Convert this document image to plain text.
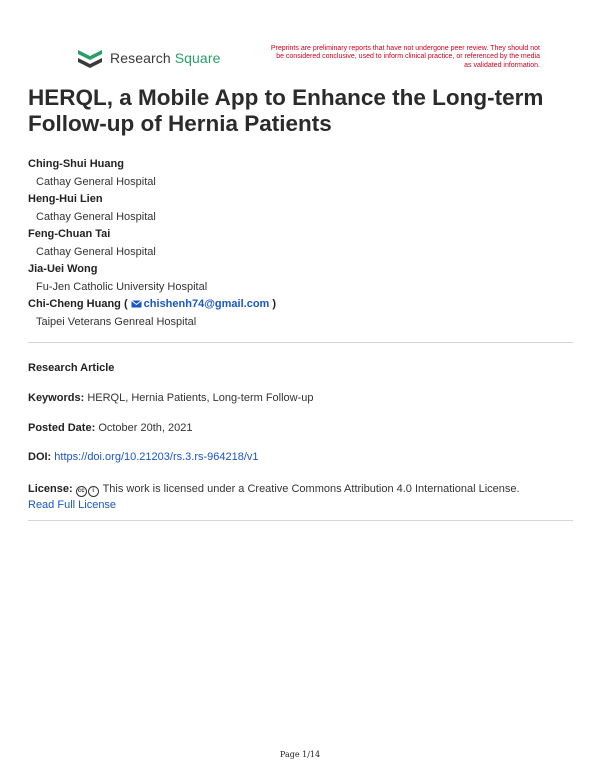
Research Square
Preprints are preliminary reports that have not undergone peer review. They should not be considered conclusive, used to inform clinical practice, or referenced by the media as validated information.
HERQL, a Mobile App to Enhance the Long-term Follow-up of Hernia Patients
Ching-Shui Huang
Cathay General Hospital
Heng-Hui Lien
Cathay General Hospital
Feng-Chuan Tai
Cathay General Hospital
Jia-Uei Wong
Fu-Jen Catholic University Hospital
Chi-Cheng Huang ( chishenh74@gmail.com )
Taipei Veterans Genreal Hospital
Research Article
Keywords: HERQL, Hernia Patients, Long-term Follow-up
Posted Date: October 20th, 2021
DOI: https://doi.org/10.21203/rs.3.rs-964218/v1
License: cc i This work is licensed under a Creative Commons Attribution 4.0 International License.
Read Full License
Page 1/14
